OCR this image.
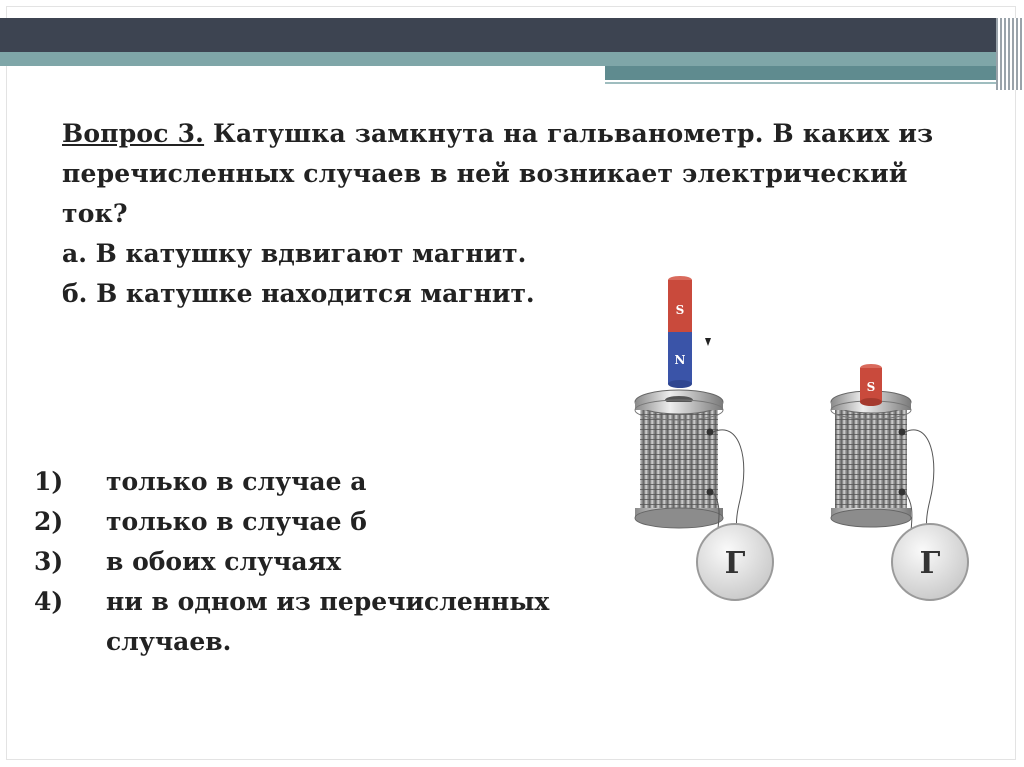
Вопрос 3. Катушка замкнута на гальванометр. В каких из перечисленных случаев в ней возникает электрический ток?

а. В катушку вдвигают магнит.

б. В катушке находится магнит.

1)	только в случае а
2)	только в случае б
3)	в обоих случаях
4)	ни в одном из перечисленных случаев.
S
N
Г
S
Г
